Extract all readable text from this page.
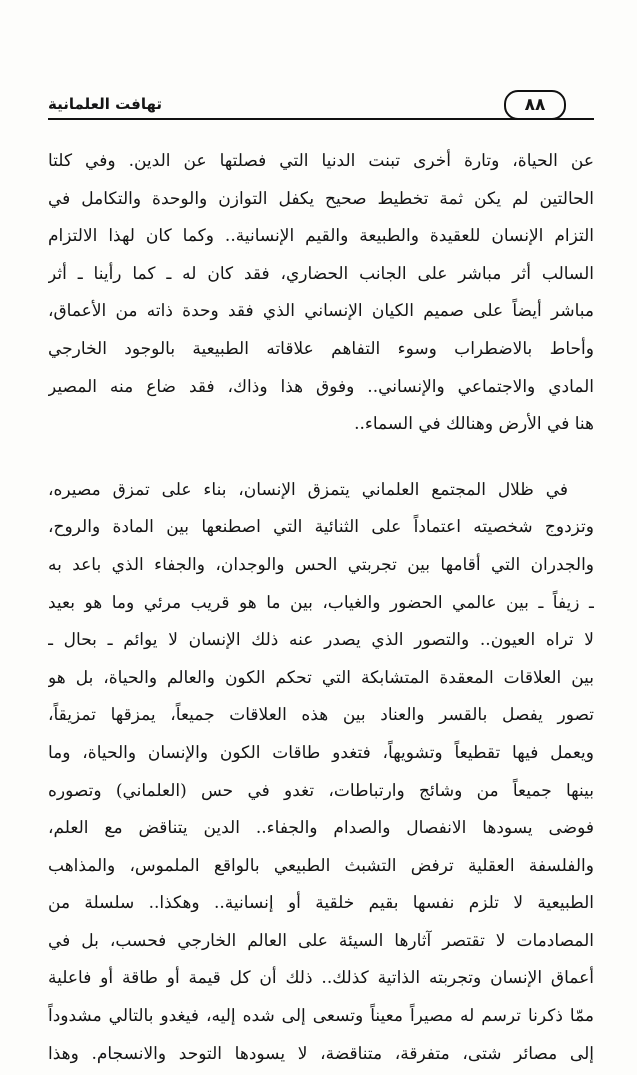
تهافت العلمانية	٨٨
عن الحياة، وتارة أخرى تبنت الدنيا التي فصلتها عن الدين. وفي كلتا
الحالتين لم يكن ثمة تخطيط صحيح يكفل التوازن والوحدة والتكامل في
التزام الإنسان للعقيدة والطبيعة والقيم الإنسانية.. وكما كان لهذا الالتزام
السالب أثر مباشر على الجانب الحضاري، فقد كان له ـ كما رأينا ـ أثر
مباشر أيضاً على صميم الكيان الإنساني الذي فقد وحدة ذاته من الأعماق،
وأحاط بالاضطراب وسوء التفاهم علاقاته الطبيعية بالوجود الخارجي
المادي والاجتماعي والإنساني.. وفوق هذا وذاك، فقد ضاع منه المصير
هنا في الأرض وهنالك في السماء..
في ظلال المجتمع العلماني يتمزق الإنسان، بناء على تمزق مصيره،
وتزدوج شخصيته اعتماداً على الثنائية التي اصطنعها بين المادة والروح،
والجدران التي أقامها بين تجربتي الحس والوجدان، والجفاء الذي باعد به
ـ زيفاً ـ بين عالمي الحضور والغياب، بين ما هو قريب مرئي وما هو بعيد
لا تراه العيون.. والتصور الذي يصدر عنه ذلك الإنسان لا يوائم ـ بحال ـ
بين العلاقات المعقدة المتشابكة التي تحكم الكون والعالم والحياة، بل هو
تصور يفصل بالقسر والعناد بين هذه العلاقات جميعاً، يمزقها تمزيقاً،
ويعمل فيها تقطيعاً وتشويهاً، فتغدو طاقات الكون والإنسان والحياة، وما
بينها جميعاً من وشائج وارتباطات، تغدو في حس (العلماني) وتصوره
فوضى يسودها الانفصال والصدام والجفاء.. الدين يتناقض مع العلم،
والفلسفة العقلية ترفض التشبث الطبيعي بالواقع الملموس، والمذاهب
الطبيعية لا تلزم نفسها بقيم خلقية أو إنسانية.. وهكذا.. سلسلة من
المصادمات لا تقتصر آثارها السيئة على العالم الخارجي فحسب، بل في
أعماق الإنسان وتجربته الذاتية كذلك.. ذلك أن كل قيمة أو طاقة أو فاعلية
ممّا ذكرنا ترسم له مصيراً معيناً وتسعى إلى شده إليه، فيغدو بالتالي مشدوداً
إلى مصائر شتى، متفرقة، متناقضة، لا يسودها التوحد والانسجام. وهذا
